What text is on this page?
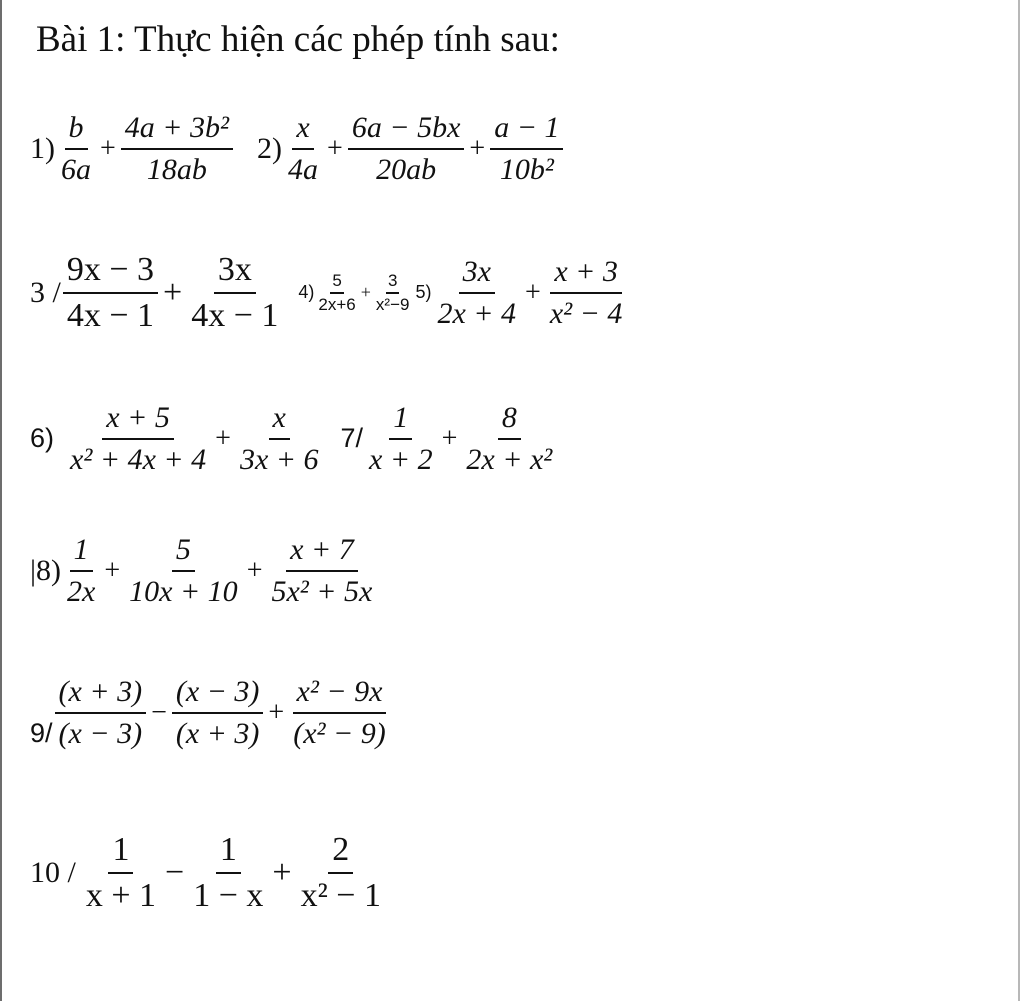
Bài 1: Thực hiện các phép tính sau:
$1) \frac{b}{6a} + \frac{\text{4a + 3b²}}{18ab} 2) \frac{x}{4a} + \frac{6a - 5bx}{20ab} + \frac{a - 1}{\text{10b²}}$
$3 / \frac{9x - 3}{4x - 1} + \frac{3x}{4x - 1} 4) \frac{5}{2x+6} + \frac{3}{\text{x²−9}} 5) \frac{3x}{2x + 4} + \frac{x + 3}{\text{x² − 4}}$
$6) \frac{x + 5}{\text{x² + 4x + 4}} + \frac{x}{3x + 6} 7/ \frac{1}{x + 2} + \frac{8}{\text{2x + x²}}$
$|8) \frac{1}{2x} + \frac{5}{10x + 10} + \frac{x + 7}{\text{5x² + 5x}}$
$9/ \frac{(x + 3)}{(x - 3)} - \frac{(x - 3)}{(x + 3)} + \frac{\text{x² − 9x}}{\text{(x² − 9)}}$
$10 / \frac{1}{x + 1} - \frac{1}{1 - x} + \frac{2}{\text{x² − 1}}$
